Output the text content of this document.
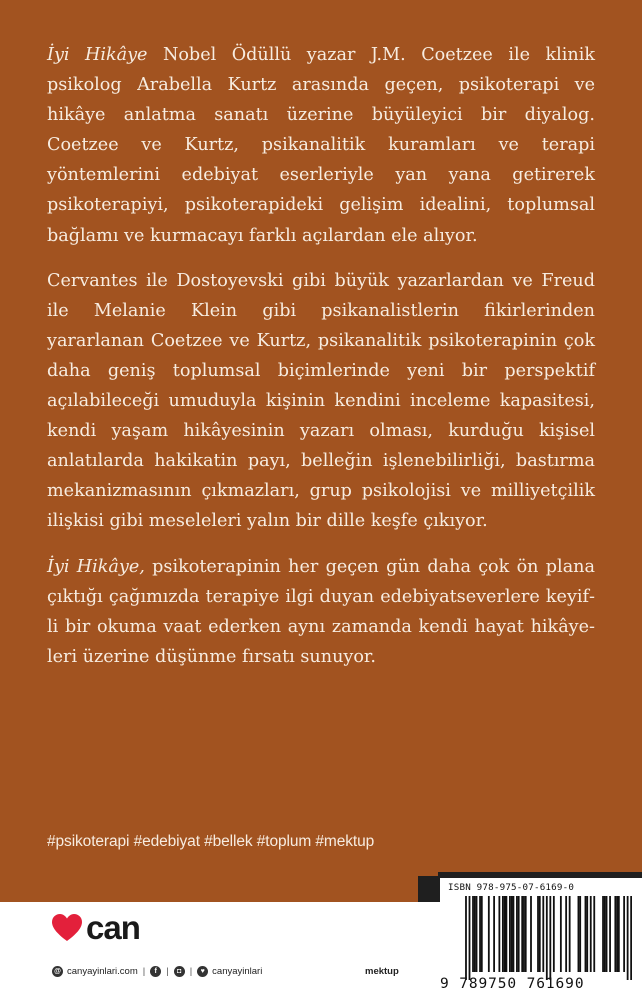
İyi Hikâye Nobel Ödüllü yazar J.M. Coetzee ile klinik psikolog Arabella Kurtz arasında geçen, psikoterapi ve hikâye anlatma sanatı üzerine büyüleyici bir diyalog. Coetzee ve Kurtz, psikanalitik kuramları ve terapi yöntemlerini edebiyat eserleriyle yan yana getirerek psikoterapiyi, psikoterapideki gelişim idealini, toplumsal bağlamı ve kurmacayı farklı açılardan ele alıyor.

Cervantes ile Dostoyevski gibi büyük yazarlardan ve Freud ile Melanie Klein gibi psikanalistlerin fikirlerinden yararlanan Coetzee ve Kurtz, psikanalitik psikoterapinin çok daha geniş toplumsal biçimlerinde yeni bir perspektif açılabileceği umuduyla kişinin kendini inceleme kapasitesi, kendi yaşam hikâyesinin yazarı olması, kurduğu kişisel anlatılarda hakikatin payı, belleğin işlenebilirliği, bastırma mekanizmasının çıkmazları, grup psikolojisi ve milliyetçilik ilişkisi gibi meseleleri yalın bir dille keşfe çıkıyor.

İyi Hikâye, psikoterapinin her geçen gün daha çok ön plana çıktığı çağımızda terapiye ilgi duyan edebiyatseverlere keyifli bir okuma vaat ederken aynı zamanda kendi hayat hikâyeleri üzerine düşünme fırsatı sunuyor.

#psikoterapi #edebiyat #bellek #toplum #mektup
can
@ canyayinlari.com |	f |	◘ |	♥ canyayinlari	mektup
ISBN 978-975-07-6169-0
9 789750 761690
